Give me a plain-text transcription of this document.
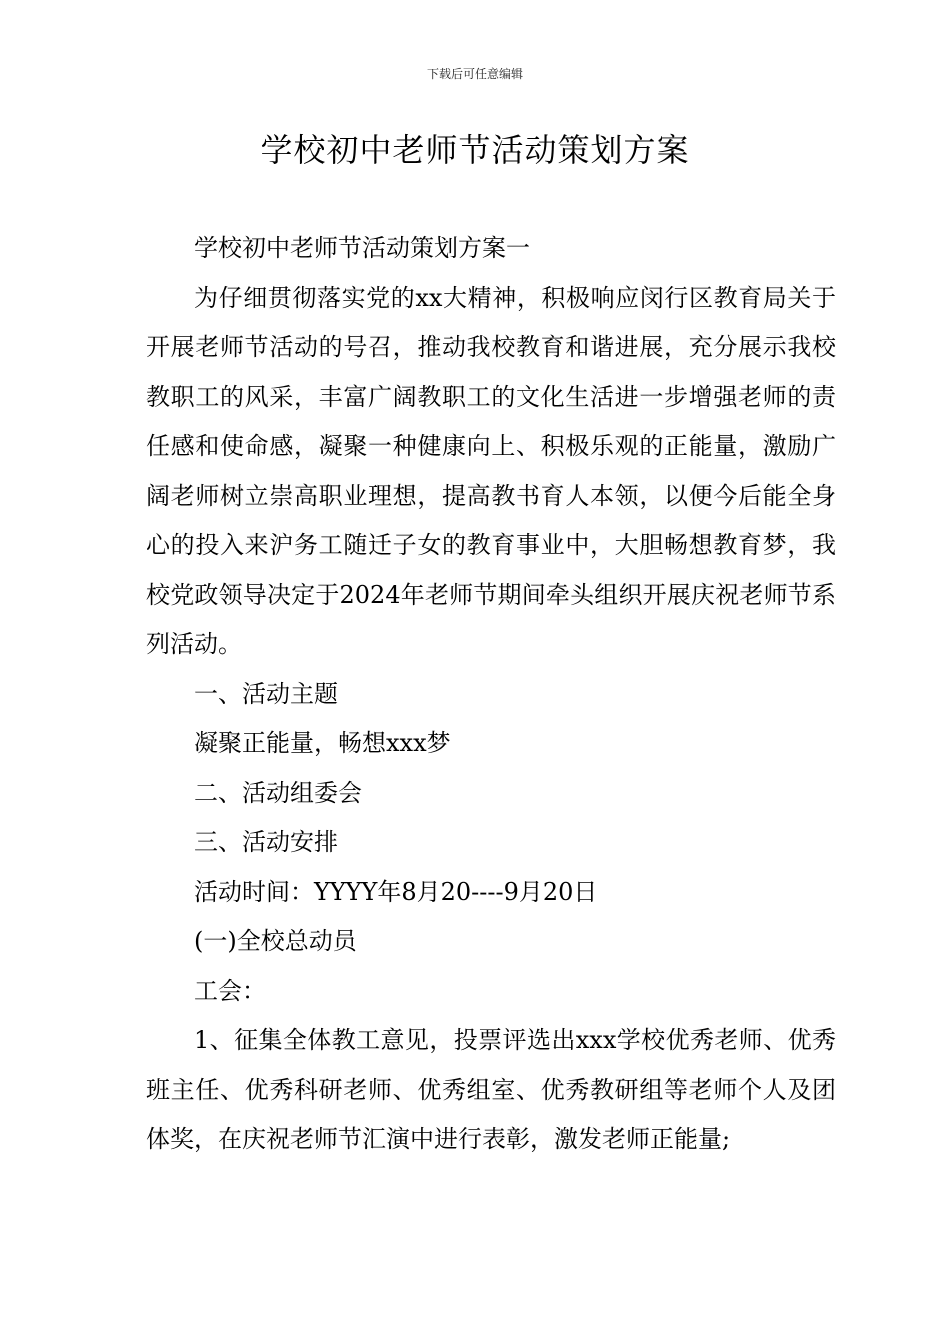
下载后可任意编辑
学校初中老师节活动策划方案

学校初中老师节活动策划方案一

为仔细贯彻落实党的xx大精神，积极响应闵行区教育局关于开展老师节活动的号召，推动我校教育和谐进展，充分展示我校教职工的风采，丰富广阔教职工的文化生活进一步增强老师的责任感和使命感，凝聚一种健康向上、积极乐观的正能量，激励广阔老师树立崇高职业理想，提高教书育人本领，以便今后能全身心的投入来沪务工随迁子女的教育事业中，大胆畅想教育梦，我校党政领导决定于2024年老师节期间牵头组织开展庆祝老师节系列活动。

一、活动主题

凝聚正能量，畅想xxx梦

二、活动组委会

三、活动安排

活动时间：YYYY年8月20----9月20日

(一)全校总动员

工会：

1、征集全体教工意见，投票评选出xxx学校优秀老师、优秀班主任、优秀科研老师、优秀组室、优秀教研组等老师个人及团体奖，在庆祝老师节汇演中进行表彰，激发老师正能量;
